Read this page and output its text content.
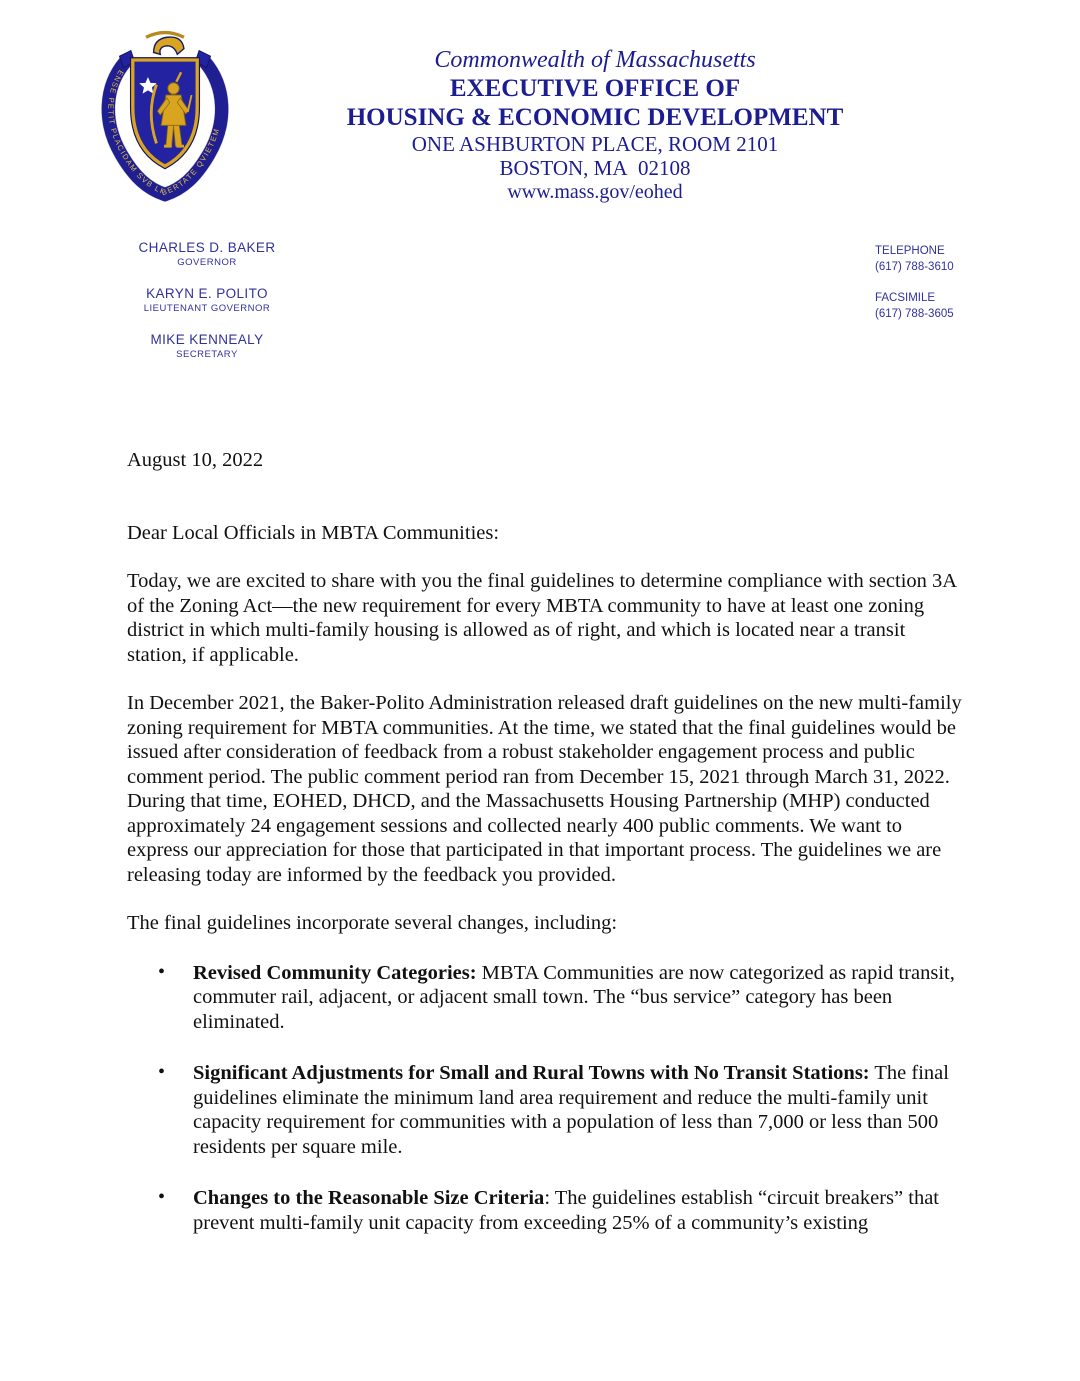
ENSE PETIT PLACIDAM SVB LIBERTATE QVIETEM
Commonwealth of Massachusetts
EXECUTIVE OFFICE OF
HOUSING & ECONOMIC DEVELOPMENT
ONE ASHBURTON PLACE, ROOM 2101
BOSTON, MA  02108
www.mass.gov/eohed
CHARLES D. BAKER
GOVERNOR
KARYN E. POLITO
LIEUTENANT GOVERNOR
MIKE KENNEALY
SECRETARY
TELEPHONE
(617) 788-3610
FACSIMILE
(617) 788-3605

August 10, 2022

Dear Local Officials in MBTA Communities:

Today, we are excited to share with you the final guidelines to determine compliance with section 3A of the Zoning Act—the new requirement for every MBTA community to have at least one zoning district in which multi-family housing is allowed as of right, and which is located near a transit station, if applicable.

In December 2021, the Baker-Polito Administration released draft guidelines on the new multi-family zoning requirement for MBTA communities. At the time, we stated that the final guidelines would be issued after consideration of feedback from a robust stakeholder engagement process and public comment period. The public comment period ran from December 15, 2021 through March 31, 2022. During that time, EOHED, DHCD, and the Massachusetts Housing Partnership (MHP) conducted approximately 24 engagement sessions and collected nearly 400 public comments. We want to express our appreciation for those that participated in that important process. The guidelines we are releasing today are informed by the feedback you provided.

The final guidelines incorporate several changes, including:

• Revised Community Categories: MBTA Communities are now categorized as rapid transit, commuter rail, adjacent, or adjacent small town. The “bus service” category has been eliminated.
• Significant Adjustments for Small and Rural Towns with No Transit Stations: The final guidelines eliminate the minimum land area requirement and reduce the multi-family unit capacity requirement for communities with a population of less than 7,000 or less than 500 residents per square mile.
• Changes to the Reasonable Size Criteria: The guidelines establish “circuit breakers” that prevent multi-family unit capacity from exceeding 25% of a community’s existing
